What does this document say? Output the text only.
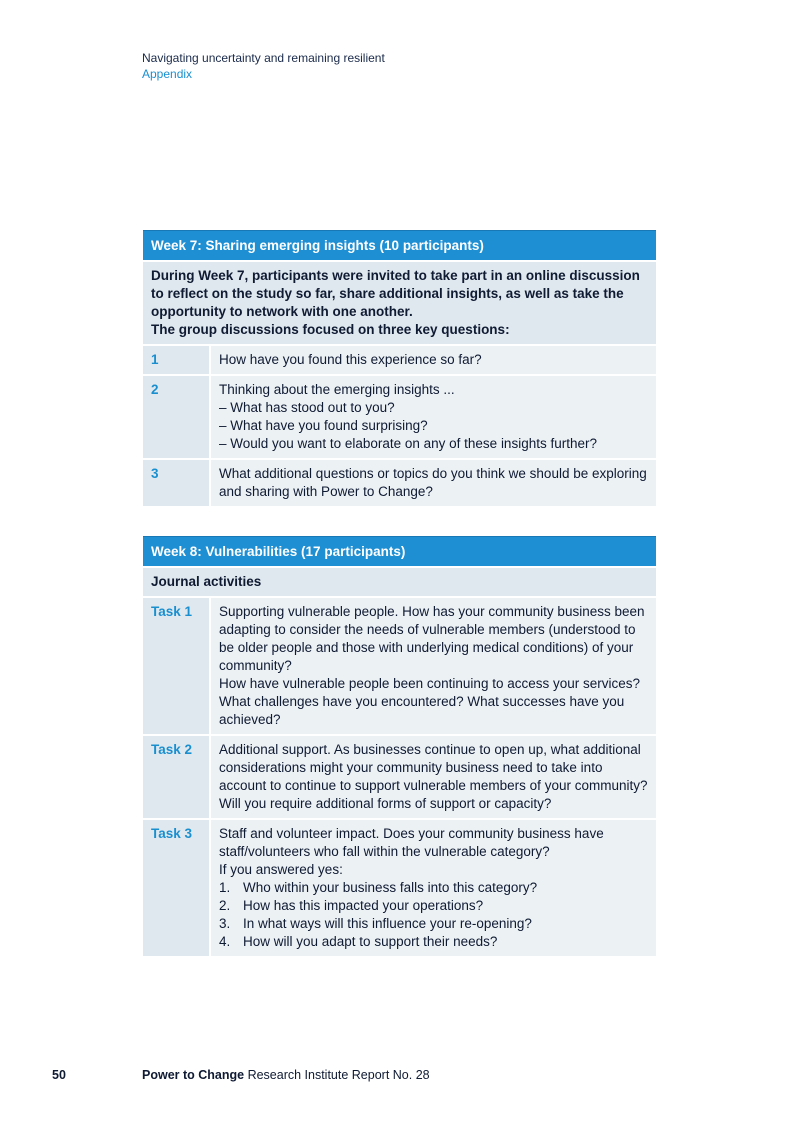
Navigating uncertainty and remaining resilient
Appendix
Week 7: Sharing emerging insights (10 participants)

During Week 7, participants were invited to take part in an online discussion to reflect on the study so far, share additional insights, as well as take the opportunity to network with one another.

The group discussions focused on three key questions:

1	How have you found this experience so far?

2	Thinking about the emerging insights ...

– What has stood out to you?

– What have you found surprising?

– Would you want to elaborate on any of these insights further?

3	What additional questions or topics do you think we should be exploring and sharing with Power to Change?

Week 8: Vulnerabilities (17 participants)
Journal activities
Task 1	Supporting vulnerable people. How has your community business been adapting to consider the needs of vulnerable members (understood to be older people and those with underlying medical conditions) of your community?

How have vulnerable people been continuing to access your services? What challenges have you encountered? What successes have you achieved?

Task 2	Additional support. As businesses continue to open up, what additional considerations might your community business need to take into account to continue to support vulnerable members of your community? Will you require additional forms of support or capacity?

Task 3	Staff and volunteer impact. Does your community business have staff/volunteers who fall within the vulnerable category?

If you answered yes:

1. Who within your business falls into this category?
2. How has this impacted your operations?
3. In what ways will this influence your re-opening?
4. How will you adapt to support their needs?
50	Power to Change Research Institute Report No. 28
